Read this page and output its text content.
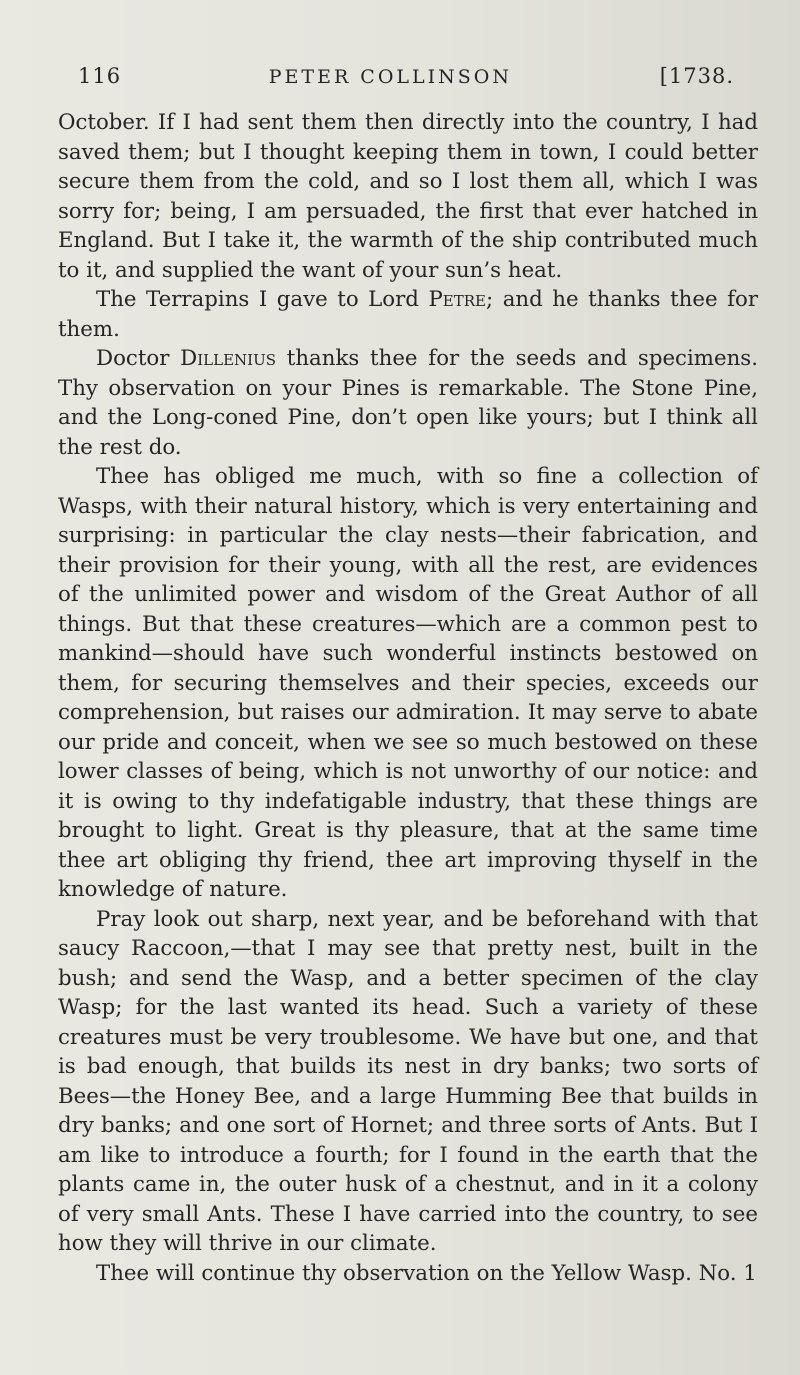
116	PETER COLLINSON	[1738.

October. If I had sent them then directly into the country, I had saved them; but I thought keeping them in town, I could better secure them from the cold, and so I lost them all, which I was sorry for; being, I am persuaded, the first that ever hatched in England. But I take it, the warmth of the ship contributed much to it, and supplied the want of your sun’s heat.

The Terrapins I gave to Lord Petre; and he thanks thee for them.

Doctor Dillenius thanks thee for the seeds and specimens. Thy observation on your Pines is remarkable. The Stone Pine, and the Long-coned Pine, don’t open like yours; but I think all the rest do.

Thee has obliged me much, with so fine a collection of Wasps, with their natural history, which is very entertaining and surprising: in particular the clay nests—their fabrication, and their provision for their young, with all the rest, are evidences of the unlimited power and wisdom of the Great Author of all things. But that these creatures—which are a common pest to mankind—should have such wonderful instincts bestowed on them, for securing themselves and their species, exceeds our comprehension, but raises our admiration. It may serve to abate our pride and conceit, when we see so much bestowed on these lower classes of being, which is not unworthy of our notice: and it is owing to thy indefatigable industry, that these things are brought to light. Great is thy pleasure, that at the same time thee art obliging thy friend, thee art improving thyself in the knowledge of nature.

Pray look out sharp, next year, and be beforehand with that saucy Raccoon,—that I may see that pretty nest, built in the bush; and send the Wasp, and a better specimen of the clay Wasp; for the last wanted its head. Such a variety of these creatures must be very troublesome. We have but one, and that is bad enough, that builds its nest in dry banks; two sorts of Bees—the Honey Bee, and a large Humming Bee that builds in dry banks; and one sort of Hornet; and three sorts of Ants. But I am like to introduce a fourth; for I found in the earth that the plants came in, the outer husk of a chestnut, and in it a colony of very small Ants. These I have carried into the country, to see how they will thrive in our climate.

Thee will continue thy observation on the Yellow Wasp. No. 1
